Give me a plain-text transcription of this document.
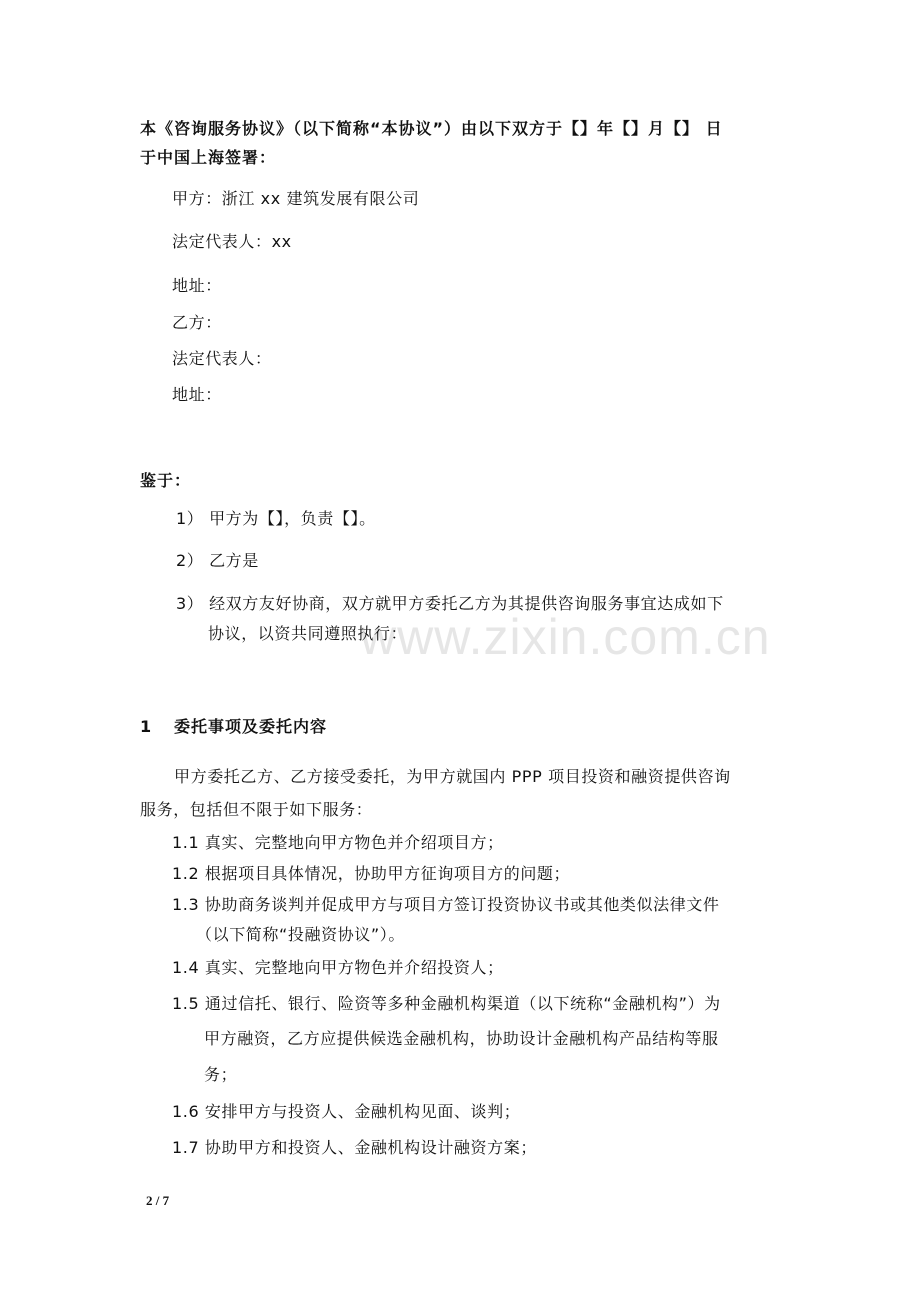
www.zixin.com.cn
本《咨询服务协议》（以下简称“本协议”）由以下双方于【】年【】月【】 日
于中国上海签署：
甲方：浙江 xx 建筑发展有限公司
法定代表人：xx
地址：
乙方：
法定代表人：
地址：
鉴于：
1） 甲方为【】，负责【】。
2） 乙方是
3） 经双方友好协商，双方就甲方委托乙方为其提供咨询服务事宜达成如下
协议，以资共同遵照执行：
1 委托事项及委托内容
甲方委托乙方、乙方接受委托，为甲方就国内 PPP 项目投资和融资提供咨询
服务，包括但不限于如下服务：
1.1 真实、完整地向甲方物色并介绍项目方；
1.2 根据项目具体情况，协助甲方征询项目方的问题；
1.3 协助商务谈判并促成甲方与项目方签订投资协议书或其他类似法律文件
（以下简称“投融资协议”）。
1.4 真实、完整地向甲方物色并介绍投资人；
1.5 通过信托、银行、险资等多种金融机构渠道（以下统称“金融机构”）为
甲方融资，乙方应提供候选金融机构，协助设计金融机构产品结构等服
务；
1.6 安排甲方与投资人、金融机构见面、谈判；
1.7 协助甲方和投资人、金融机构设计融资方案；
2 / 7
